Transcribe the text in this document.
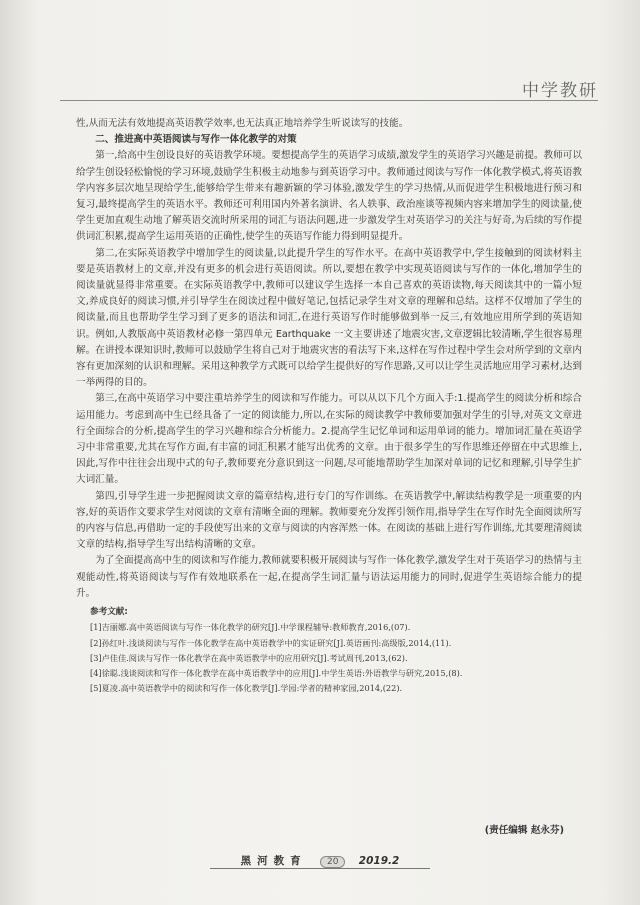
中学教研

性,从而无法有效地提高英语教学效率,也无法真正地培养学生听说读写的技能。

二、推进高中英语阅读与写作一体化教学的对策

第一,给高中生创设良好的英语教学环境。要想提高学生的英语学习成绩,激发学生的英语学习兴趣是前提。教师可以给学生创设轻松愉悦的学习环境,鼓励学生积极主动地参与到英语学习中。教师通过阅读与写作一体化教学模式,将英语教学内容多层次地呈现给学生,能够给学生带来有趣新颖的学习体验,激发学生的学习热情,从而促进学生积极地进行预习和复习,最终提高学生的英语水平。教师还可利用国内外著名演讲、名人轶事、政治座谈等视频内容来增加学生的阅读量,使学生更加直观生动地了解英语交流时所采用的词汇与语法问题,进一步激发学生对英语学习的关注与好奇,为后续的写作提供词汇积累,提高学生运用英语的正确性,使学生的英语写作能力得到明显提升。

第二,在实际英语教学中增加学生的阅读量,以此提升学生的写作水平。在高中英语教学中,学生接触到的阅读材料主要是英语教材上的文章,并没有更多的机会进行英语阅读。所以,要想在教学中实现英语阅读与写作的一体化,增加学生的阅读量就显得非常重要。在实际英语教学中,教师可以建议学生选择一本自己喜欢的英语读物,每天阅读其中的一篇小短文,养成良好的阅读习惯,并引导学生在阅读过程中做好笔记,包括记录学生对文章的理解和总结。这样不仅增加了学生的阅读量,而且也帮助学生学习到了更多的语法和词汇,在进行英语写作时能够做到举一反三,有效地应用所学到的英语知识。例如,人教版高中英语教材必修一第四单元 Earthquake 一文主要讲述了地震灾害,文章逻辑比较清晰,学生很容易理解。在讲授本课知识时,教师可以鼓励学生将自己对于地震灾害的看法写下来,这样在写作过程中学生会对所学到的文章内容有更加深刻的认识和理解。采用这种教学方式既可以给学生提供好的写作思路,又可以让学生灵活地应用学习素材,达到一举两得的目的。

第三,在高中英语学习中要注重培养学生的阅读和写作能力。可以从以下几个方面入手:1.提高学生的阅读分析和综合运用能力。考虑到高中生已经具备了一定的阅读能力,所以,在实际的阅读教学中教师要加强对学生的引导,对英文文章进行全面综合的分析,提高学生的学习兴趣和综合分析能力。2.提高学生记忆单词和运用单词的能力。增加词汇量在英语学习中非常重要,尤其在写作方面,有丰富的词汇积累才能写出优秀的文章。由于很多学生的写作思维还停留在中式思维上,因此,写作中往往会出现中式的句子,教师要充分意识到这一问题,尽可能地帮助学生加深对单词的记忆和理解,引导学生扩大词汇量。

第四,引导学生进一步把握阅读文章的篇章结构,进行专门的写作训练。在英语教学中,解读结构教学是一项重要的内容,好的英语作文要求学生对阅读的文章有清晰全面的理解。教师要充分发挥引领作用,指导学生在写作时先全面阅读所写的内容与信息,再借助一定的手段使写出来的文章与阅读的内容浑然一体。在阅读的基础上进行写作训练,尤其要理清阅读文章的结构,指导学生写出结构清晰的文章。

为了全面提高高中生的阅读和写作能力,教师就要积极开展阅读与写作一体化教学,激发学生对于英语学习的热情与主观能动性,将英语阅读与写作有效地联系在一起,在提高学生词汇量与语法运用能力的同时,促进学生英语综合能力的提升。

参考文献:

[1]吉丽娜.高中英语阅读与写作一体化教学的研究[J].中学课程辅导:教师教育,2016,(07).

[2]孙红叶.浅谈阅读与写作一体化教学在高中英语教学中的实证研究[J].英语画刊:高级版,2014,(11).

[3]卢佳佳.阅读与写作一体化教学在高中英语教学中的应用研究[J].考试周刊,2013,(62).

[4]徐聪.浅谈阅读和写作一体化教学在高中英语教学中的应用[J].中学生英语:外语教学与研究,2015,(8).

[5]夏凌.高中英语教学中的阅读和写作一体化教学[J].学园:学者的精神家园,2014,(22).

(责任编辑 赵永芬)
黑河教育 20 2019.2
